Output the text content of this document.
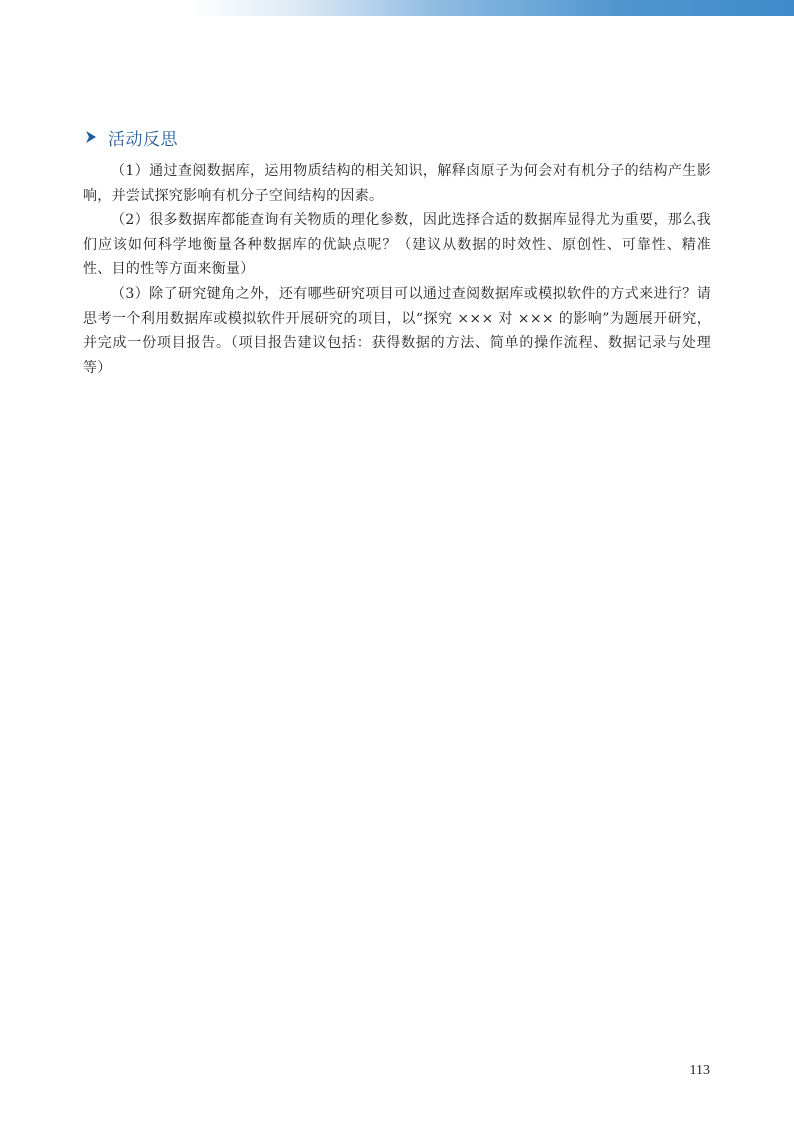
活动反思

（1）通过查阅数据库，运用物质结构的相关知识，解释卤原子为何会对有机分子的结构产生影响，并尝试探究影响有机分子空间结构的因素。

（2）很多数据库都能查询有关物质的理化参数，因此选择合适的数据库显得尤为重要，那么我们应该如何科学地衡量各种数据库的优缺点呢？（建议从数据的时效性、原创性、可靠性、精准性、目的性等方面来衡量）

（3）除了研究键角之外，还有哪些研究项目可以通过查阅数据库或模拟软件的方式来进行？请思考一个利用数据库或模拟软件开展研究的项目，以“探究 ××× 对 ××× 的影响”为题展开研究，并完成一份项目报告。（项目报告建议包括：获得数据的方法、简单的操作流程、数据记录与处理等）

113
